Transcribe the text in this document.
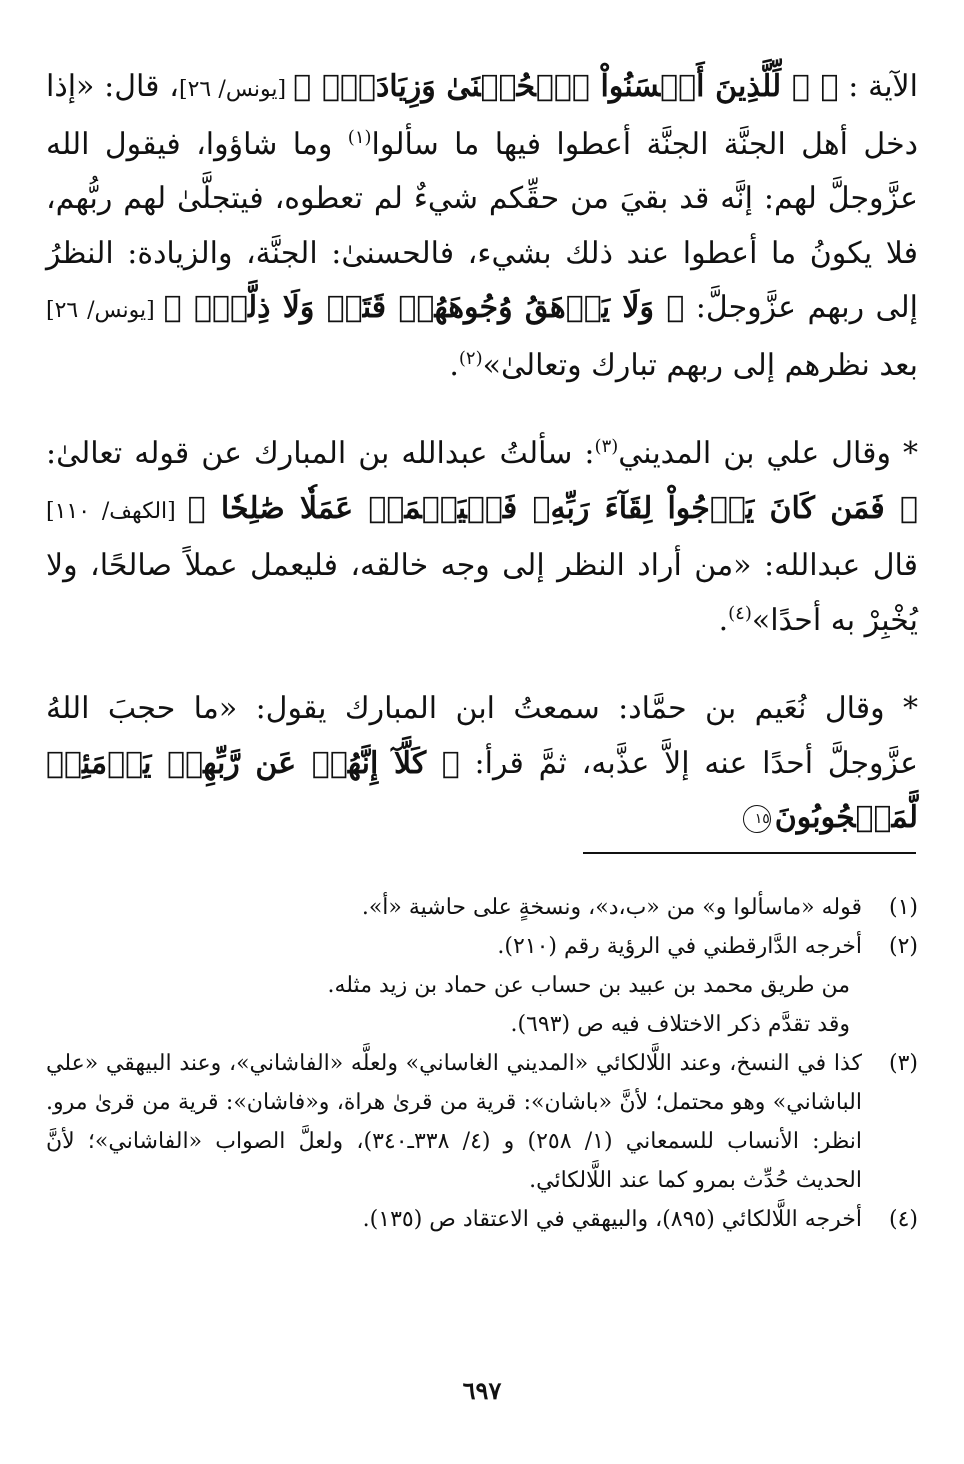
الآية : ﴿ ۞ لِّلَّذِينَ أَحۡسَنُواْ ٱلۡحُسۡنَىٰ وَزِيَادَةٌۖ ﴾ [يونس/ ٢٦]، قال: «إذا دخل أهل الجنَّة الجنَّة أعطوا فيها ما سألوا$^{(١)}$ وما شاؤوا، فيقول الله عزَّوجلَّ لهم: إنَّه قد بقيَ من حقِّكم شيءٌ لم تعطوه، فيتجلَّىٰ لهم ربُّهم، فلا يكونُ ما أعطوا عند ذلك بشيء، فالحسنىٰ: الجنَّة، والزيادة: النظرُ إلى ربهم عزَّوجلَّ: ﴿ وَلَا يَرۡهَقُ وُجُوهَهُمۡ قَتَرٞ وَلَا ذِلَّةٌۚ ﴾ [يونس/ ٢٦] بعد نظرهم إلى ربهم تبارك وتعالىٰ»$^{(٢)}$.

* وقال علي بن المديني$^{(٣)}$: سألتُ عبدالله بن المبارك عن قوله تعالىٰ: ﴿ فَمَن كَانَ يَرۡجُواْ لِقَآءَ رَبِّهِۦ فَلۡيَعۡمَلۡ عَمَلٗا صَٰلِحٗا ﴾ [الكهف/ ١١٠] قال عبدالله: «من أراد النظر إلى وجه خالقه، فليعمل عملاً صالحًا، ولا يُخْبِرْ به أحدًا»$^{(٤)}$.

* وقال نُعَيم بن حمَّاد: سمعتُ ابن المبارك يقول: «ما حجبَ اللهُ عزَّوجلَّ أحدًا عنه إلاَّ عذَّبه، ثمَّ قرأ: ﴿ كَلَّآ إِنَّهُمۡ عَن رَّبِّهِمۡ يَوۡمَئِذٖ لَّمَحۡجُوبُونَ١٥

(١)

قوله «ماسألوا و» من «ب،د»، ونسخةٍ على حاشية «أ».

(٢)

أخرجه الدَّارقطني في الرؤية رقم (٢١٠).

من طريق محمد بن عبيد بن حساب عن حماد بن زيد مثله.

وقد تقدَّم ذكر الاختلاف فيه ص (٦٩٣).

(٣)

كذا في النسخ، وعند اللَّالكائي «المديني الغاساني» ولعلَّه «الفاشاني»، وعند البيهقي «علي الباشاني» وهو محتمل؛ لأنَّ «باشان»: قرية من قرىٰ هراة، و«فاشان»: قرية من قرىٰ مرو. انظر: الأنساب للسمعاني (١/ ٢٥٨) و (٤/ ٣٣٨ـ٣٤٠)، ولعلَّ الصواب «الفاشاني»؛ لأنَّ الحديث حُدِّث بمرو كما عند اللَّالكائي.

(٤)

أخرجه اللَّالكائي (٨٩٥)، والبيهقي في الاعتقاد ص (١٣٥).

٦٩٧
